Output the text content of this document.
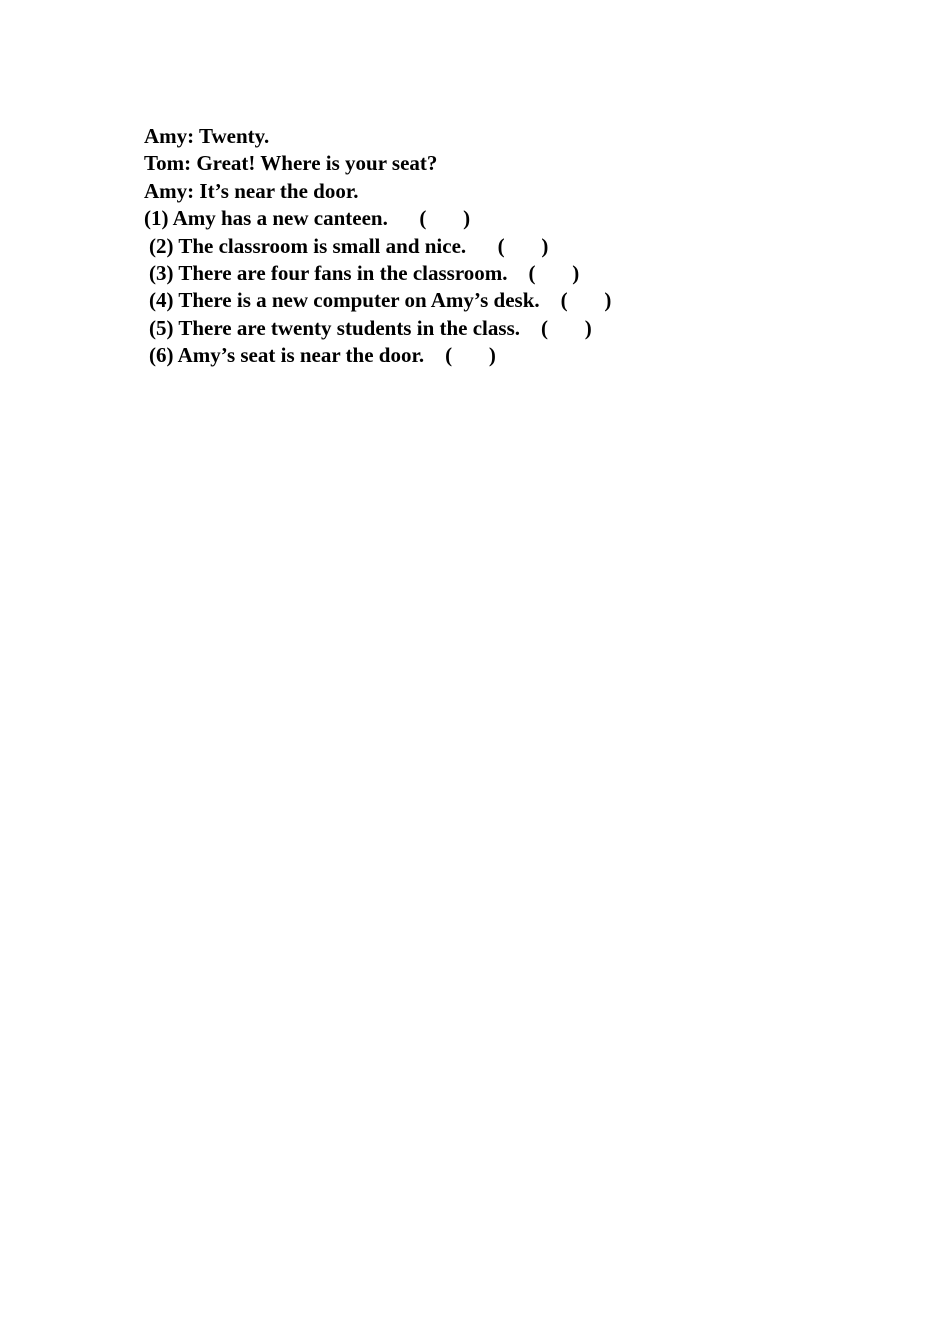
Amy: Twenty.
Tom: Great! Where is your seat?
Amy: It’s near the door.
(1) Amy has a new canteen. (       )
(2) The classroom is small and nice. (       )
(3) There are four fans in the classroom. (       )
(4) There is a new computer on Amy’s desk. (       )
(5) There are twenty students in the class. (       )
(6) Amy’s seat is near the door. (       )
